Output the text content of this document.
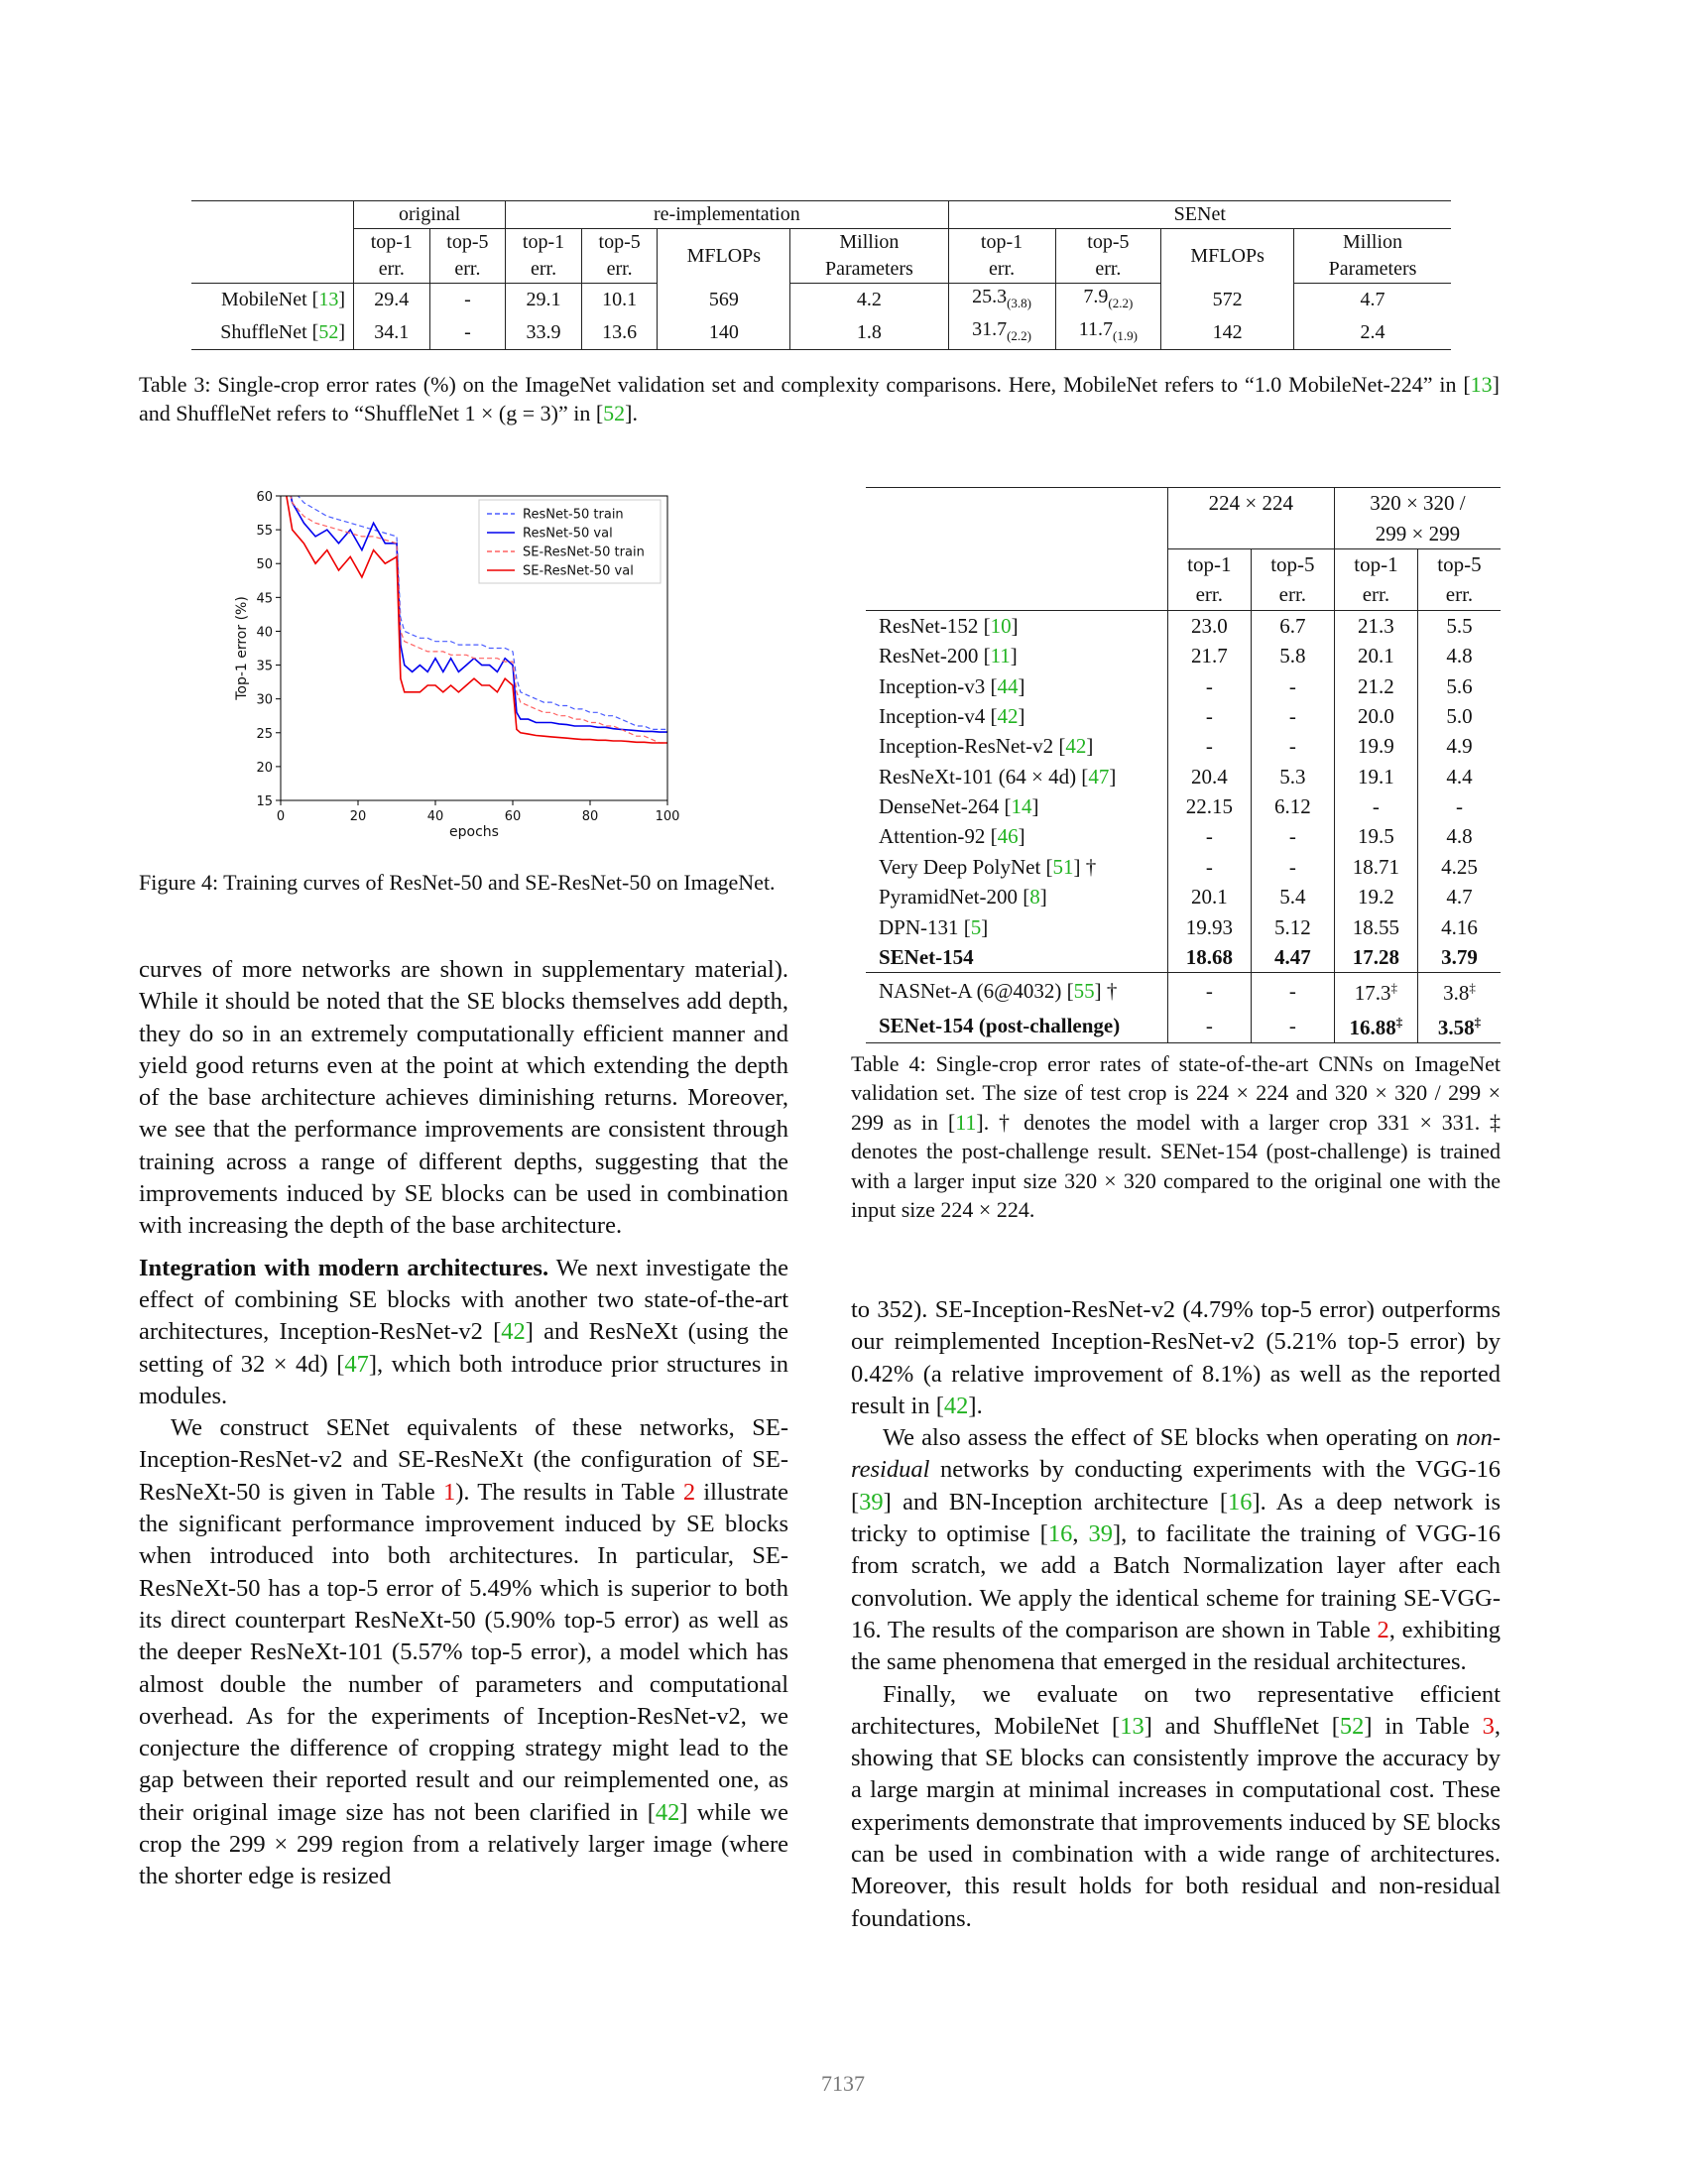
	original		re-implementation				SENet			
	top-1	top-5	top-1	top-5	MFLOPs	Million	top-1	top-5	MFLOPs	Million
	err.	err.	err.	err.		Parameters	err.	err.		Parameters
MobileNet [13]	29.4	-	29.1	10.1	569	4.2	$25.3_{(3.8)}$	$7.9_{(2.2)}$	572	4.7
ShuffleNet [52]	34.1	-	33.9	13.6	140	1.8	$31.7_{(2.2)}$	$11.7_{(1.9)}$	142	2.4
Table 3: Single-crop error rates (%) on the ImageNet validation set and complexity comparisons. Here, MobileNet refers to “1.0 MobileNet-224” in [13] and ShuffleNet refers to “ShuffleNet 1 × (g = 3)” in [52].
0	20	40	60	80	100
15
20
25
30
35
40
45
50
55
60
epochs
Top-1 error (%)
ResNet-50 train
ResNet-50 val
SE-ResNet-50 train
SE-ResNet-50 val
Figure 4: Training curves of ResNet-50 and SE-ResNet-50 on ImageNet.
	224 × 224		320 × 320 /	
			299 × 299	
	top-1	top-5	top-1	top-5
	err.	err.	err.	err.
ResNet-152 [10]	23.0	6.7	21.3	5.5
ResNet-200 [11]	21.7	5.8	20.1	4.8
Inception-v3 [44]	-	-	21.2	5.6
Inception-v4 [42]	-	-	20.0	5.0
Inception-ResNet-v2 [42]	-	-	19.9	4.9
ResNeXt-101 (64 × 4d) [47]	20.4	5.3	19.1	4.4
DenseNet-264 [14]	22.15	6.12	-	-
Attention-92 [46]	-	-	19.5	4.8
Very Deep PolyNet [51] †	-	-	18.71	4.25
PyramidNet-200 [8]	20.1	5.4	19.2	4.7
DPN-131 [5]	19.93	5.12	18.55	4.16
SENet-154	18.68	4.47	17.28	3.79
NASNet-A (6@4032) [55] †	-	-	17.3‡	3.8‡
SENet-154 (post-challenge)	-	-	16.88‡	3.58‡
Table 4: Single-crop error rates of state-of-the-art CNNs on ImageNet validation set. The size of test crop is 224 × 224 and 320 × 320 / 299 × 299 as in [11]. † denotes the model with a larger crop 331 × 331. ‡ denotes the post-challenge result. SENet-154 (post-challenge) is trained with a larger input size 320 × 320 compared to the original one with the input size 224 × 224.

curves of more networks are shown in supplementary material). While it should be noted that the SE blocks themselves add depth, they do so in an extremely computationally efficient manner and yield good returns even at the point at which extending the depth of the base architecture achieves diminishing returns. Moreover, we see that the performance improvements are consistent through training across a range of different depths, suggesting that the improvements induced by SE blocks can be used in combination with increasing the depth of the base architecture.

Integration with modern architectures. We next investigate the effect of combining SE blocks with another two state-of-the-art architectures, Inception-ResNet-v2 [42] and ResNeXt (using the setting of 32 × 4d) [47], which both introduce prior structures in modules.

We construct SENet equivalents of these networks, SE-Inception-ResNet-v2 and SE-ResNeXt (the configuration of SE-ResNeXt-50 is given in Table 1). The results in Table 2 illustrate the significant performance improvement induced by SE blocks when introduced into both architectures. In particular, SE-ResNeXt-50 has a top-5 error of 5.49% which is superior to both its direct counterpart ResNeXt-50 (5.90% top-5 error) as well as the deeper ResNeXt-101 (5.57% top-5 error), a model which has almost double the number of parameters and computational overhead. As for the experiments of Inception-ResNet-v2, we conjecture the difference of cropping strategy might lead to the gap between their reported result and our reimplemented one, as their original image size has not been clarified in [42] while we crop the 299 × 299 region from a relatively larger image (where the shorter edge is resized

to 352). SE-Inception-ResNet-v2 (4.79% top-5 error) outperforms our reimplemented Inception-ResNet-v2 (5.21% top-5 error) by 0.42% (a relative improvement of 8.1%) as well as the reported result in [42].

We also assess the effect of SE blocks when operating on non-residual networks by conducting experiments with the VGG-16 [39] and BN-Inception architecture [16]. As a deep network is tricky to optimise [16, 39], to facilitate the training of VGG-16 from scratch, we add a Batch Normalization layer after each convolution. We apply the identical scheme for training SE-VGG-16. The results of the comparison are shown in Table 2, exhibiting the same phenomena that emerged in the residual architectures.

Finally, we evaluate on two representative efficient architectures, MobileNet [13] and ShuffleNet [52] in Table 3, showing that SE blocks can consistently improve the accuracy by a large margin at minimal increases in computational cost. These experiments demonstrate that improvements induced by SE blocks can be used in combination with a wide range of architectures. Moreover, this result holds for both residual and non-residual foundations.

7137
